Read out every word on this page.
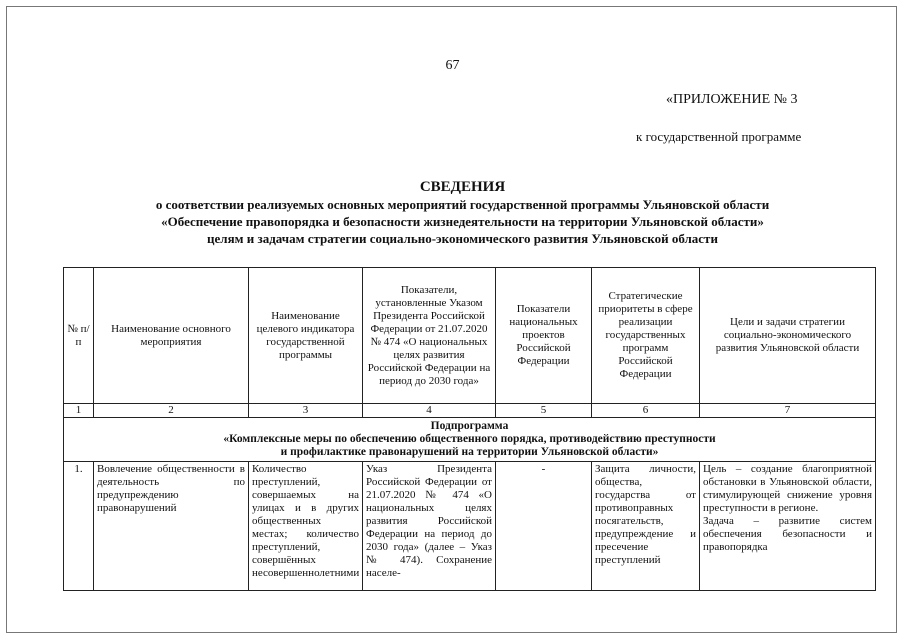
67
«ПРИЛОЖЕНИЕ № 3
к государственной программе
СВЕДЕНИЯ
о соответствии реализуемых основных мероприятий государственной программы Ульяновской области
«Обеспечение правопорядка и безопасности жизнедеятельности на территории Ульяновской области»
целям и задачам стратегии социально-экономического развития Ульяновской области
№ п/п	Наименование основного мероприятия	Наименование целевого индикатора государственной программы	Показатели, установленные Указом Президента Российской Федерации от 21.07.2020 № 474 «О национальных целях развития Российской Федерации на период до 2030 года»	Показатели национальных проектов Российской Федерации	Стратегические приоритеты в сфере реализации государственных программ Российской Федерации	Цели и задачи стратегии социально-экономического развития Ульяновской области
1	2	3	4	5	6	7

Подпрограмма
«Комплексные меры по обеспечению общественного порядка, противодействию преступности
и профилактике правонарушений на территории Ульяновской области»						

1.	Вовлечение общественности в деятельность по предупреждению правонарушений	Количество преступлений, совершаемых на улицах и в других общественных местах; количество преступлений, совершённых несовершеннолетними	Указ Президента Российской Федерации от 21.07.2020 № 474 «О национальных целях развития Российской Федерации на период до 2030 года» (далее – Указ № 474). Сохранение населе-	-	Защита личности, общества, государства от противоправных посягательств, предупреждение и пресечение преступлений	Цель – создание благоприятной обстановки в Ульяновской области, стимулирующей снижение уровня преступности в регионе.
Задача – развитие систем обеспечения безопасности и правопорядка
